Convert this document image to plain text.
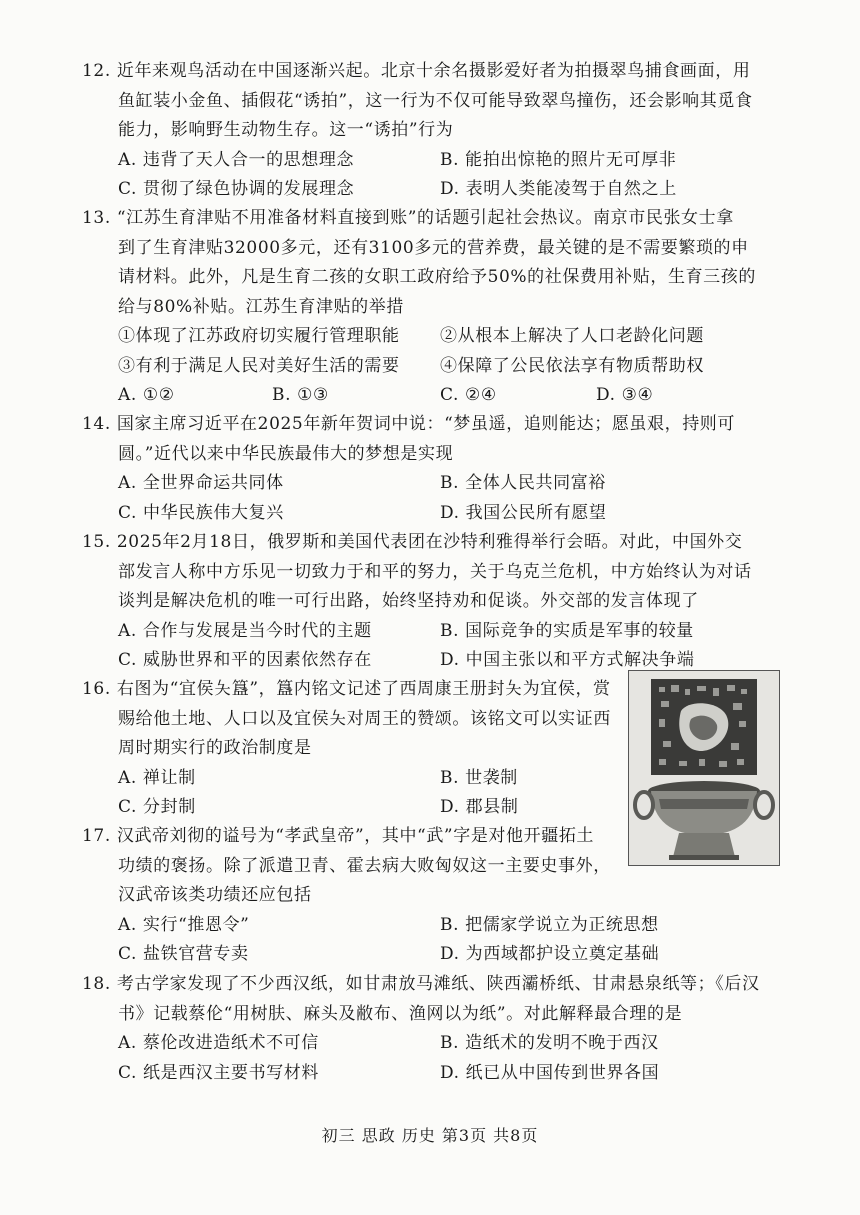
12. 近年来观鸟活动在中国逐渐兴起。北京十余名摄影爱好者为拍摄翠鸟捕食画面，用
鱼缸装小金鱼、插假花“诱拍”，这一行为不仅可能导致翠鸟撞伤，还会影响其觅食
能力，影响野生动物生存。这一“诱拍”行为
A. 违背了天人合一的思想理念	B. 能拍出惊艳的照片无可厚非
C. 贯彻了绿色协调的发展理念	D. 表明人类能凌驾于自然之上
13. “江苏生育津贴不用准备材料直接到账”的话题引起社会热议。南京市民张女士拿
到了生育津贴32000多元，还有3100多元的营养费，最关键的是不需要繁琐的申
请材料。此外，凡是生育二孩的女职工政府给予50%的社保费用补贴，生育三孩的
给与80%补贴。江苏生育津贴的举措
①体现了江苏政府切实履行管理职能 ②从根本上解决了人口老龄化问题
③有利于满足人民对美好生活的需要 ④保障了公民依法享有物质帮助权
A. ①②	B. ①③	C. ②④	D. ③④
14. 国家主席习近平在2025年新年贺词中说：“梦虽遥，追则能达；愿虽艰，持则可
圆。”近代以来中华民族最伟大的梦想是实现
A. 全世界命运共同体	B. 全体人民共同富裕
C. 中华民族伟大复兴	D. 我国公民所有愿望
15. 2025年2月18日，俄罗斯和美国代表团在沙特利雅得举行会晤。对此，中国外交
部发言人称中方乐见一切致力于和平的努力，关于乌克兰危机，中方始终认为对话
谈判是解决危机的唯一可行出路，始终坚持劝和促谈。外交部的发言体现了
A. 合作与发展是当今时代的主题	B. 国际竞争的实质是军事的较量
C. 威胁世界和平的因素依然存在	D. 中国主张以和平方式解决争端
16. 右图为“宜侯夨簋”，簋内铭文记述了西周康王册封夨为宜侯，赏
赐给他土地、人口以及宜侯夨对周王的赞颂。该铭文可以实证西
周时期实行的政治制度是
A. 禅让制	B. 世袭制
C. 分封制	D. 郡县制
17. 汉武帝刘彻的谥号为“孝武皇帝”，其中“武”字是对他开疆拓土
功绩的褒扬。除了派遣卫青、霍去病大败匈奴这一主要史事外，
汉武帝该类功绩还应包括
A. 实行“推恩令”	B. 把儒家学说立为正统思想
C. 盐铁官营专卖	D. 为西域都护设立奠定基础
18. 考古学家发现了不少西汉纸，如甘肃放马滩纸、陕西灞桥纸、甘肃悬泉纸等；《后汉
书》记载蔡伦“用树肤、麻头及敝布、渔网以为纸”。对此解释最合理的是
A. 蔡伦改进造纸术不可信	B. 造纸术的发明不晚于西汉
C. 纸是西汉主要书写材料	D. 纸已从中国传到世界各国
初三 思政 历史 第3页 共8页
